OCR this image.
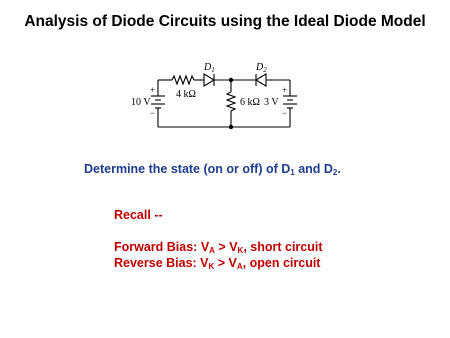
Analysis of Diode Circuits using the Ideal Diode Model
$D_1$	$D_2$
4 kΩ
6 kΩ
10 V	3 V
+
−
+
−
Determine the state (on or off) of $D_1$ and $D_2$.
Recall --
Forward Bias: $V_A > V_K$, short circuit
Reverse Bias: $V_K > V_A$, open circuit
